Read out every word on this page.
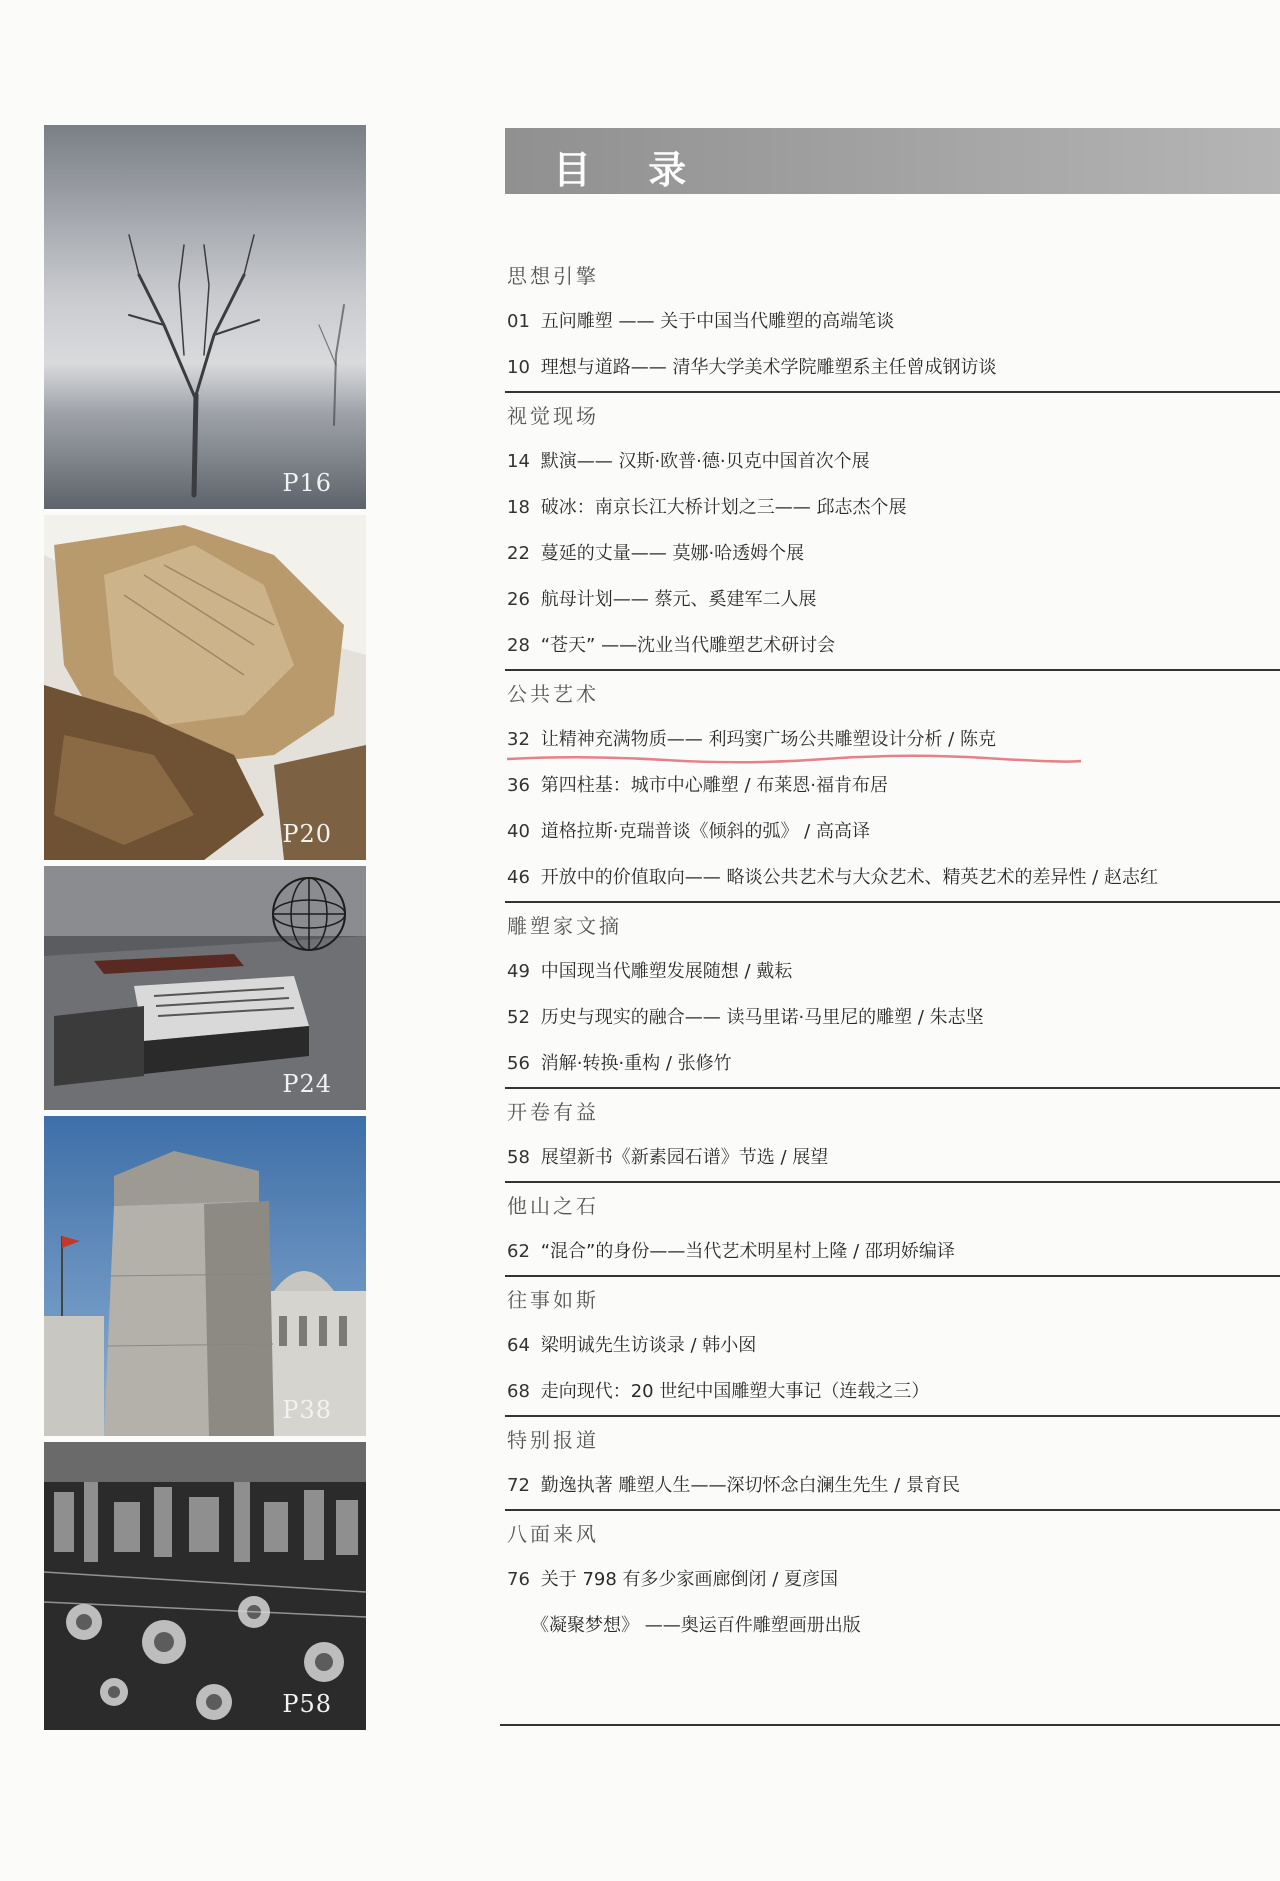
P16
P20
P24
P38
P58
目 录
思想引擎
01 五问雕塑 —— 关于中国当代雕塑的高端笔谈
10 理想与道路—— 清华大学美术学院雕塑系主任曾成钢访谈
视觉现场
14 默演—— 汉斯·欧普·德·贝克中国首次个展
18 破冰：南京长江大桥计划之三—— 邱志杰个展
22 蔓延的丈量—— 莫娜·哈透姆个展
26 航母计划—— 蔡元、奚建军二人展
28 “苍天” ——沈业当代雕塑艺术研讨会
公共艺术
32 让精神充满物质—— 利玛窦广场公共雕塑设计分析 / 陈克
36 第四柱基：城市中心雕塑 / 布莱恩·福肯布居
40 道格拉斯·克瑞普谈《倾斜的弧》 / 高高译
46 开放中的价值取向—— 略谈公共艺术与大众艺术、精英艺术的差异性 / 赵志红
雕塑家文摘
49 中国现当代雕塑发展随想 / 戴耘
52 历史与现实的融合—— 读马里诺·马里尼的雕塑 / 朱志坚
56 消解·转换·重构 / 张修竹
开卷有益
58 展望新书《新素园石谱》节选 / 展望
他山之石
62 “混合”的身份——当代艺术明星村上隆 / 邵玥娇编译
往事如斯
64 梁明诚先生访谈录 / 韩小囡
68 走向现代：20 世纪中国雕塑大事记（连载之三）
特别报道
72 勤逸执著 雕塑人生——深切怀念白澜生先生 / 景育民
八面来风
76 关于 798 有多少家画廊倒闭 / 夏彦国
《凝聚梦想》 ——奥运百件雕塑画册出版
